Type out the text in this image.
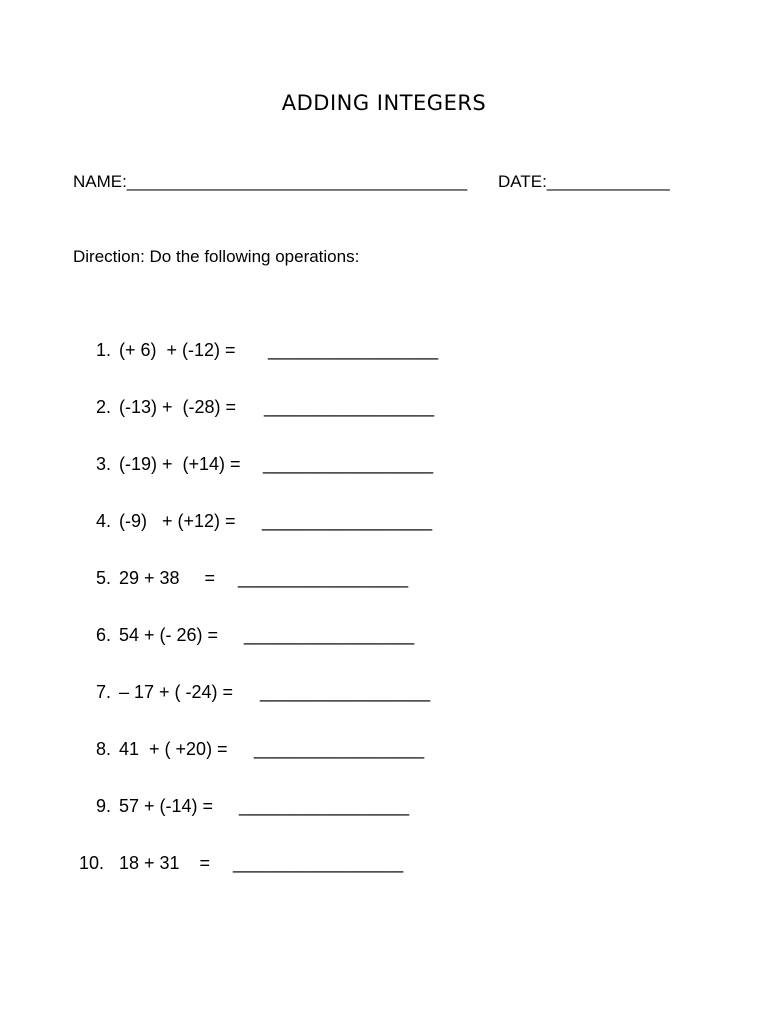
ADDING INTEGERS
NAME:____________________________________ DATE:_____________
Direction: Do the following operations:

1.

(+ 6)  + (-12) =

_________________

2.

(-13) +  (-28) =

_________________

3.

(-19) +  (+14) =

_________________

4.

(-9)   + (+12) =

_________________

5.

29 + 38     =

_________________

6.

54 + (- 26) =

_________________

7.

– 17 + ( -24) =

_________________

8.

41  + ( +20) =

_________________

9.

57 + (-14) =

_________________

10.

18 + 31    =

_________________
